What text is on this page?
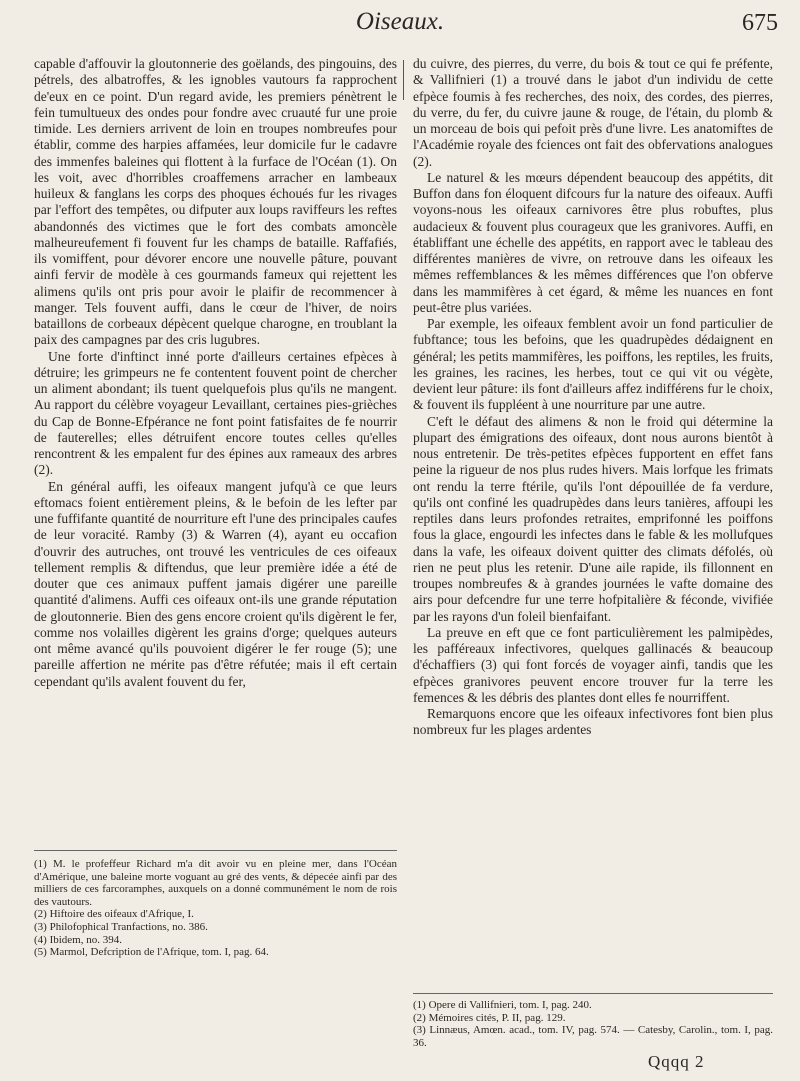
Oiseaux.	675

capable d'affouvir la gloutonnerie des goëlands, des pingouins, des pétrels, des albatroffes, & les ignobles vautours fa rapprochent de'eux en ce point. D'un regard avide, les premiers pénètrent le fein tumultueux des ondes pour fondre avec cruauté fur une proie timide. Les derniers arrivent de loin en troupes nombreufes pour établir, comme des harpies affamées, leur domicile fur le cadavre des immenfes baleines qui flottent à la furface de l'Océan (1). On les voit, avec d'horribles croaffemens arracher en lambeaux huileux & fanglans les corps des phoques échoués fur les rivages par l'effort des tempêtes, ou difputer aux loups raviffeurs les reftes abandonnés des victimes que le fort des combats amoncèle malheureufement fi fouvent fur les champs de bataille. Raffafiés, ils vomiffent, pour dévorer encore une nouvelle pâture, pouvant ainfi fervir de modèle à ces gourmands fameux qui rejettent les alimens qu'ils ont pris pour avoir le plaifir de recommencer à manger. Tels fouvent auffi, dans le cœur de l'hiver, de noirs bataillons de corbeaux dépècent quelque charogne, en troublant la paix des campagnes par des cris lugubres.

Une forte d'inftinct inné porte d'ailleurs certaines efpèces à détruire; les grimpeurs ne fe contentent fouvent point de chercher un aliment abondant; ils tuent quelquefois plus qu'ils ne mangent. Au rapport du célèbre voyageur Levaillant, certaines pies-grièches du Cap de Bonne-Efpérance ne font point fatisfaites de fe nourrir de fauterelles; elles détruifent encore toutes celles qu'elles rencontrent & les empalent fur des épines aux rameaux des arbres (2).

En général auffi, les oifeaux mangent jufqu'à ce que leurs eftomacs foient entièrement pleins, & le befoin de les lefter par une fuffifante quantité de nourriture eft l'une des principales caufes de leur voracité. Ramby (3) & Warren (4), ayant eu occafion d'ouvrir des autruches, ont trouvé les ventricules de ces oifeaux tellement remplis & diftendus, que leur première idée a été de douter que ces animaux puffent jamais digérer une pareille quantité d'alimens. Auffi ces oifeaux ont-ils une grande réputation de gloutonnerie. Bien des gens encore croient qu'ils digèrent le fer, comme nos volailles digèrent les grains d'orge; quelques auteurs ont même avancé qu'ils pouvoient digérer le fer rouge (5); une pareille affertion ne mérite pas d'être réfutée; mais il eft certain cependant qu'ils avalent fouvent du fer,

du cuivre, des pierres, du verre, du bois & tout ce qui fe préfente, & Vallifnieri (1) a trouvé dans le jabot d'un individu de cette efpèce foumis à fes recherches, des noix, des cordes, des pierres, du verre, du fer, du cuivre jaune & rouge, de l'étain, du plomb & un morceau de bois qui pefoit près d'une livre. Les anatomiftes de l'Académie royale des fciences ont fait des obfervations analogues (2).

Le naturel & les mœurs dépendent beaucoup des appétits, dit Buffon dans fon éloquent difcours fur la nature des oifeaux. Auffi voyons-nous les oifeaux carnivores être plus robuftes, plus audacieux & fouvent plus courageux que les granivores. Auffi, en établiffant une échelle des appétits, en rapport avec le tableau des différentes manières de vivre, on retrouve dans les oifeaux les mêmes reffemblances & les mêmes différences que l'on obferve dans les mammifères à cet égard, & même les nuances en font peut-être plus variées.

Par exemple, les oifeaux femblent avoir un fond particulier de fubftance; tous les befoins, que les quadrupèdes dédaignent en général; les petits mammifères, les poiffons, les reptiles, les fruits, les graines, les racines, les herbes, tout ce qui vit ou végète, devient leur pâture: ils font d'ailleurs affez indifférens fur le choix, & fouvent ils fuppléent à une nourriture par une autre.

C'eft le défaut des alimens & non le froid qui détermine la plupart des émigrations des oifeaux, dont nous aurons bientôt à nous entretenir. De très-petites efpèces fupportent en effet fans peine la rigueur de nos plus rudes hivers. Mais lorfque les frimats ont rendu la terre ftérile, qu'ils l'ont dépouillée de fa verdure, qu'ils ont confiné les quadrupèdes dans leurs tanières, affoupi les reptiles dans leurs profondes retraites, emprifonné les poiffons fous la glace, engourdi les infectes dans le fable & les mollufques dans la vafe, les oifeaux doivent quitter des climats défolés, où rien ne peut plus les retenir. D'une aile rapide, ils fillonnent en troupes nombreufes & à grandes journées le vafte domaine des airs pour defcendre fur une terre hofpitalière & féconde, vivifiée par les rayons d'un foleil bienfaifant.

La preuve en eft que ce font particulièrement les palmipèdes, les pafféreaux infectivores, quelques gallinacés & beaucoup d'échaffiers (3) qui font forcés de voyager ainfi, tandis que les efpèces granivores peuvent encore trouver fur la terre les femences & les débris des plantes dont elles fe nourriffent.

Remarquons encore que les oifeaux infectivores font bien plus nombreux fur les plages ardentes

(1) M. le profeffeur Richard m'a dit avoir vu en pleine mer, dans l'Océan d'Amérique, une baleine morte voguant au gré des vents, & dépecée ainfi par des milliers de ces farcoramphes, auxquels on a donné communément le nom de rois des vautours.
(2) Hiftoire des oifeaux d'Afrique, I.
(3) Philofophical Tranfactions, no. 386.
(4) Ibidem, no. 394.
(5) Marmol, Defcription de l'Afrique, tom. I, pag. 64.
(1) Opere di Vallifnieri, tom. I, pag. 240.
(2) Mémoires cités, P. II, pag. 129.
(3) Linnæus, Amœn. acad., tom. IV, pag. 574. — Catesby, Carolin., tom. I, pag. 36.
Qqqq 2
